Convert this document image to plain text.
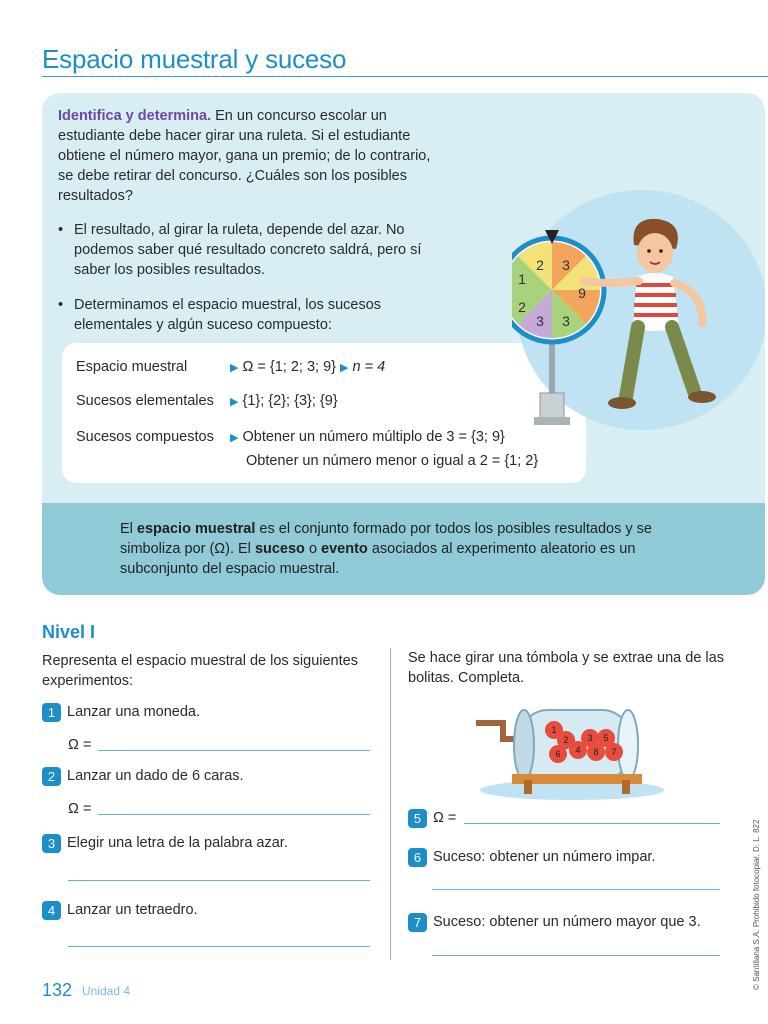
Espacio muestral y suceso
Identifica y determina. En un concurso escolar un estudiante debe hacer girar una ruleta. Si el estudiante obtiene el número mayor, gana un premio; de lo contrario, se debe retirar del concurso. ¿Cuáles son los posibles resultados?
• El resultado, al girar la ruleta, depende del azar. No podemos saber qué resultado concreto saldrá, pero sí saber los posibles resultados.
• Determinamos el espacio muestral, los sucesos elementales y algún suceso compuesto:
Espacio muestral	▶ Ω = {1; 2; 3; 9} ▶ n = 4
Sucesos elementales ▶ {1}; {2}; {3}; {9}
Sucesos compuestos ▶ Obtener un número múltiplo de 3 = {3; 9}
Obtener un número menor o igual a 2 = {1; 2}
El espacio muestral es el conjunto formado por todos los posibles resultados y se simboliza por (Ω). El suceso o evento asociados al experimento aleatorio es un subconjunto del espacio muestral.
2 3
9
3
3
2
1
Nivel I
Representa el espacio muestral de los siguientes experimentos:
1 Lanzar una moneda.
Ω =
2 Lanzar un dado de 6 caras.
Ω =
3 Elegir una letra de la palabra azar.
4 Lanzar un tetraedro.
Se hace girar una tómbola y se extrae una de las bolitas. Completa.
1
2 3 5
4 8 7
6
5 Ω =
6 Suceso: obtener un número impar.
7 Suceso: obtener un número mayor que 3.
132 Unidad 4
© Santillana S.A. Prohibido fotocopiar. D. L. 822
